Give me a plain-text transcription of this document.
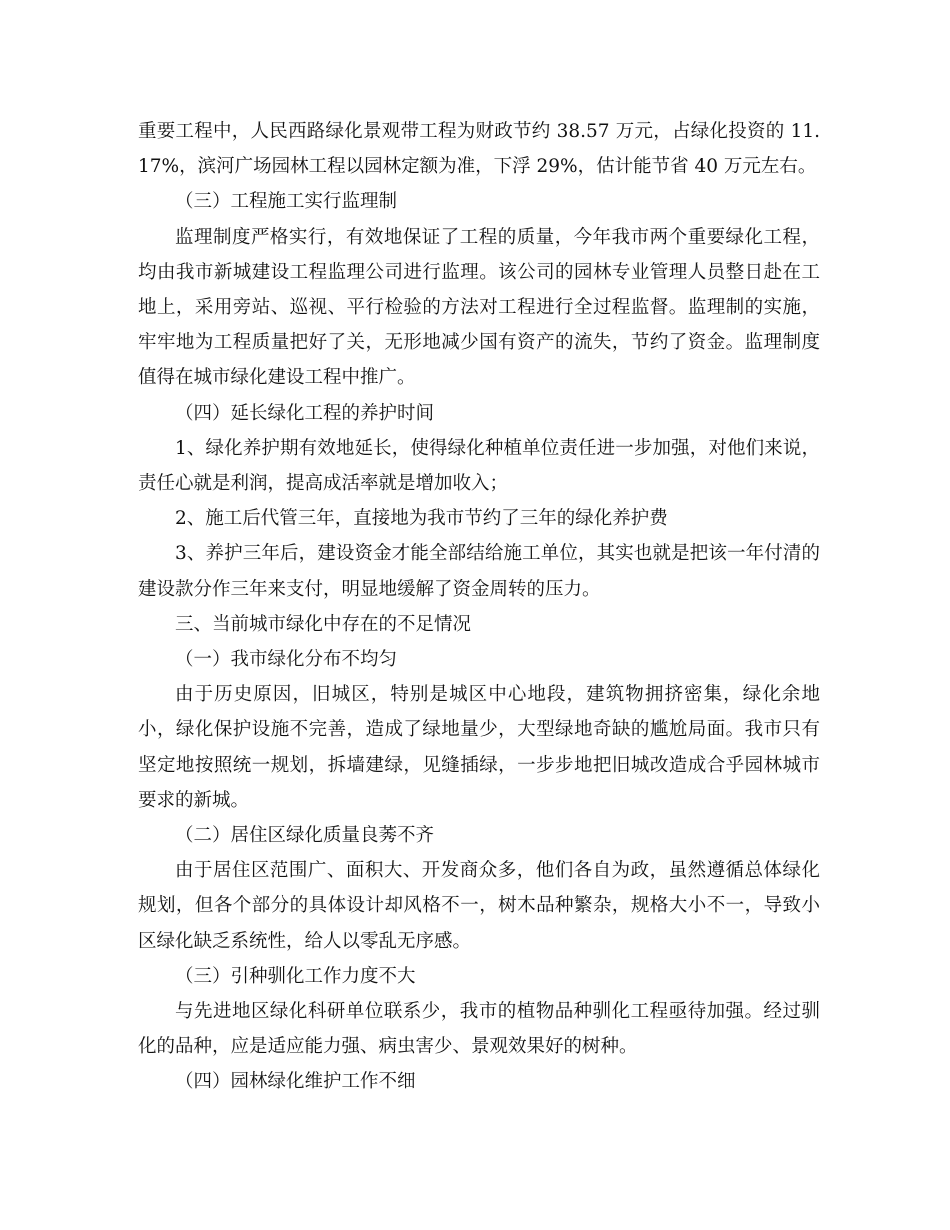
重要工程中，人民西路绿化景观带工程为财政节约 38.57 万元，占绿化投资的 11.17%，滨河广场园林工程以园林定额为准，下浮 29%，估计能节省 40 万元左右。

（三）工程施工实行监理制

监理制度严格实行，有效地保证了工程的质量，今年我市两个重要绿化工程，均由我市新城建设工程监理公司进行监理。该公司的园林专业管理人员整日赴在工地上，采用旁站、巡视、平行检验的方法对工程进行全过程监督。监理制的实施，牢牢地为工程质量把好了关，无形地减少国有资产的流失，节约了资金。监理制度值得在城市绿化建设工程中推广。

（四）延长绿化工程的养护时间

1、绿化养护期有效地延长，使得绿化种植单位责任进一步加强，对他们来说，责任心就是利润，提高成活率就是增加收入；

2、施工后代管三年，直接地为我市节约了三年的绿化养护费

3、养护三年后，建设资金才能全部结给施工单位，其实也就是把该一年付清的建设款分作三年来支付，明显地缓解了资金周转的压力。

三、当前城市绿化中存在的不足情况

（一）我市绿化分布不均匀

由于历史原因，旧城区，特别是城区中心地段，建筑物拥挤密集，绿化余地小，绿化保护设施不完善，造成了绿地量少，大型绿地奇缺的尴尬局面。我市只有坚定地按照统一规划，拆墙建绿，见缝插绿，一步步地把旧城改造成合乎园林城市要求的新城。

（二）居住区绿化质量良莠不齐

由于居住区范围广、面积大、开发商众多，他们各自为政，虽然遵循总体绿化规划，但各个部分的具体设计却风格不一，树木品种繁杂，规格大小不一，导致小区绿化缺乏系统性，给人以零乱无序感。

（三）引种驯化工作力度不大

与先进地区绿化科研单位联系少，我市的植物品种驯化工程亟待加强。经过驯化的品种，应是适应能力强、病虫害少、景观效果好的树种。

（四）园林绿化维护工作不细
